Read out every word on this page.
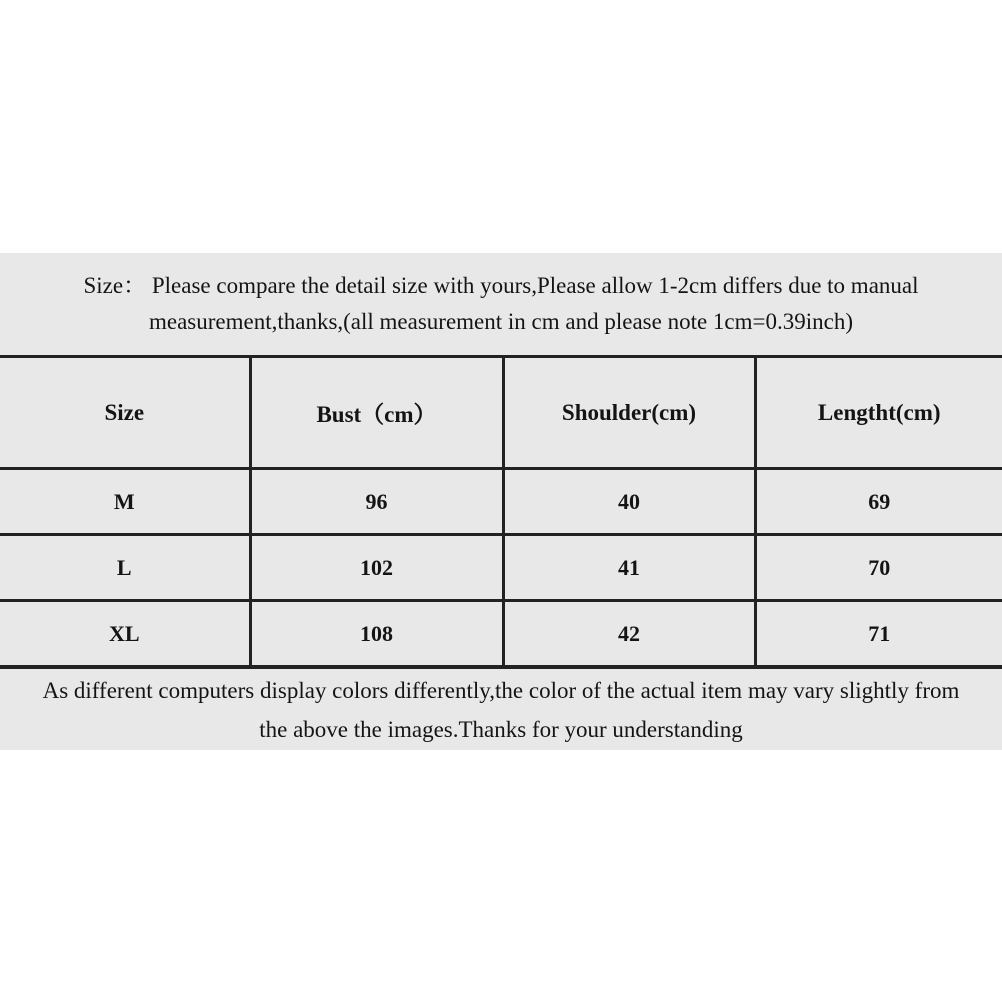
Size： Please compare the detail size with yours,Please allow 1-2cm differs due to manual
measurement,thanks,(all measurement in cm and please note 1cm=0.39inch)
Size	Bust（cm）	Shoulder(cm)	Lengtht(cm)
M	96	40	69
L	102	41	70
XL	108	42	71
As different computers display colors differently,the color of the actual item may vary slightly from
the above the images.Thanks for your understanding
